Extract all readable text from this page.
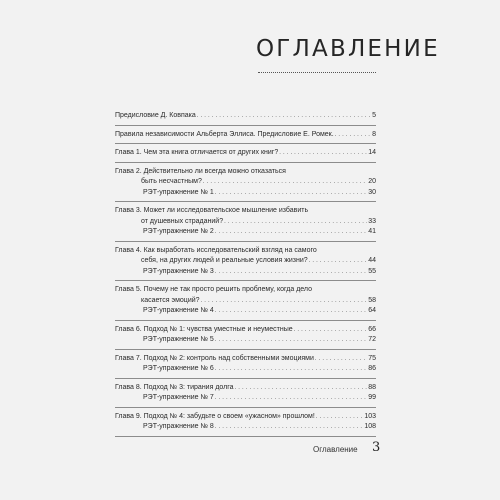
ОГЛАВЛЕНИЕ
Предисловие Д. Ковпака . . .	5
Правила независимости Альберта Эллиса. Предисловие Е. Ромек. . . .	8
Глава 1. Чем эта книга отличается от других книг? . . .	14
Глава 2. Действительно ли всегда можно отказаться
быть несчастным? . . .	20
РЭТ-упражнение № 1 . . .	30
Глава 3. Может ли исследовательское мышление избавить
от душевных страданий? . . .	33
РЭТ-упражнение № 2 . . .	41
Глава 4. Как выработать исследовательский взгляд на самого
себя, на других людей и реальные условия жизни? . . .	44
РЭТ-упражнение № 3 . . .	55
Глава 5. Почему не так просто решить проблему, когда дело
касается эмоций? . . .	58
РЭТ-упражнение № 4 . . .	64
Глава 6. Подход № 1: чувства уместные и неуместные . . .	66
РЭТ-упражнение № 5 . . .	72
Глава 7. Подход № 2: контроль над собственными эмоциями . . .	75
РЭТ-упражнение № 6 . . .	86
Глава 8. Подход № 3: тирания долга . . .	88
РЭТ-упражнение № 7 . . .	99
Глава 9. Подход № 4: забудьте о своем «ужасном» прошлом! . . .	103
РЭТ-упражнение № 8 . . .	108
Оглавление 3
